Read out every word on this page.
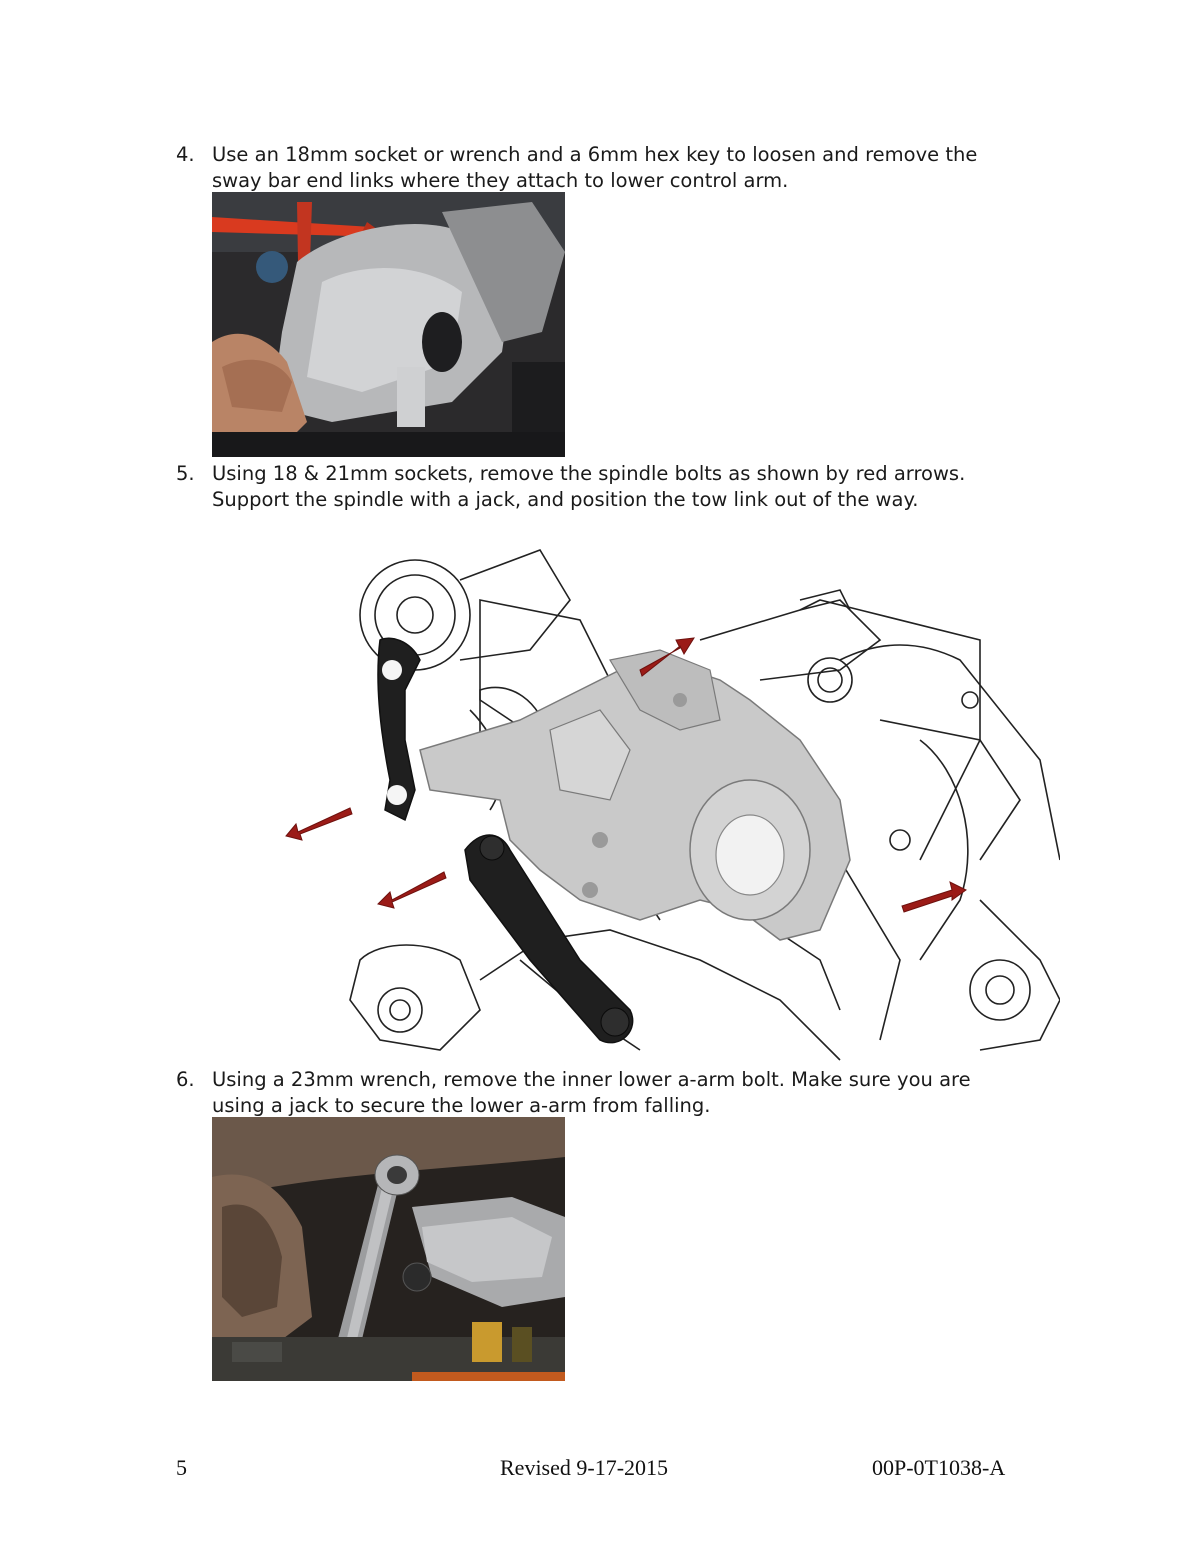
4. Use an 18mm socket or wrench and a 6mm hex key to loosen and remove the sway bar end links where they attach to lower control arm.
5. Using 18 & 21mm sockets, remove the spindle bolts as shown by red arrows. Support the spindle with a jack, and position the tow link out of the way.
6. Using a 23mm wrench, remove the inner lower a-arm bolt. Make sure you are using a jack to secure the lower a-arm from falling.
5	Revised 9-17-2015	00P-0T1038-A
